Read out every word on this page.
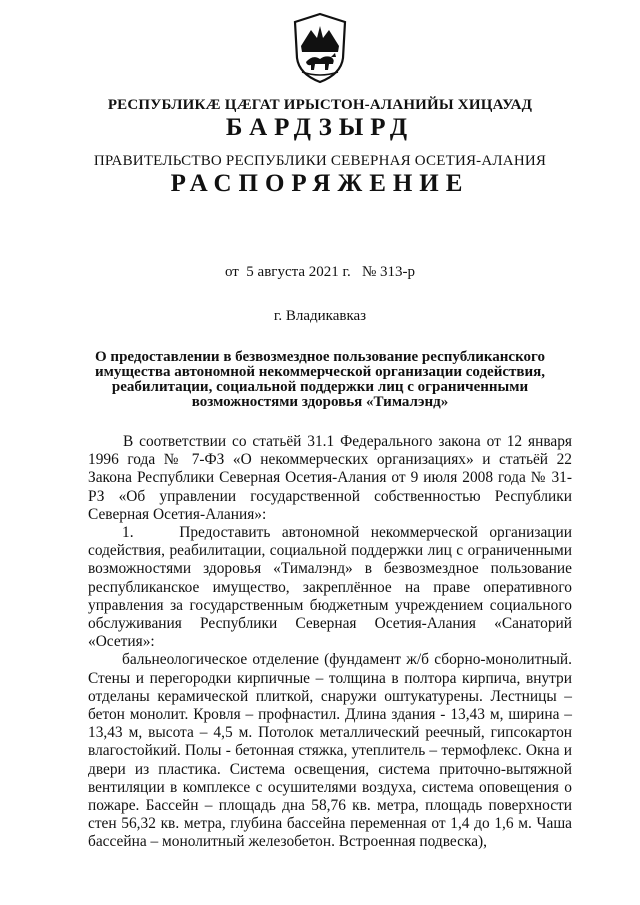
РЕСПУБЛИКӔ ЦӔГАТ ИРЫСТОН-АЛАНИЙЫ ХИЦАУАД
БАРДЗЫРД
ПРАВИТЕЛЬСТВО РЕСПУБЛИКИ СЕВЕРНАЯ ОСЕТИЯ-АЛАНИЯ
РАСПОРЯЖЕНИЕ
от  5 августа 2021 г. № 313-р
г. Владикавказ
О предоставлении в безвозмездное пользование республиканского имущества автономной некоммерческой организации содействия, реабилитации, социальной поддержки лиц с ограниченными возможностями здоровья «Тималэнд»

В соответствии со статьёй 31.1 Федерального закона от 12 января 1996 года № 7-ФЗ «О некоммерческих организациях» и статьёй 22 Закона Республики Северная Осетия-Алания от 9 июля 2008 года № 31-РЗ «Об управлении государственной собственностью Республики Северная Осетия-Алания»:

1.    Предоставить автономной некоммерческой организации содействия, реабилитации, социальной поддержки лиц с ограниченными возможностями здоровья «Тималэнд» в безвозмездное пользование республиканское имущество, закреплённое на праве оперативного управления за государственным бюджетным учреждением социального обслуживания Республики Северная Осетия-Алания «Санаторий «Осетия»:

бальнеологическое отделение (фундамент ж/б сборно-монолитный. Стены и перегородки кирпичные – толщина в полтора кирпича, внутри отделаны керамической плиткой, снаружи оштукатурены. Лестницы – бетон монолит. Кровля – профнастил. Длина здания - 13,43 м, ширина – 13,43 м, высота – 4,5 м. Потолок металлический реечный, гипсокартон влагостойкий. Полы - бетонная стяжка, утеплитель – термофлекс. Окна и двери из пластика. Система освещения, система приточно-вытяжной вентиляции в комплексе с осушителями воздуха, система оповещения о пожаре. Бассейн – площадь дна 58,76 кв. метра, площадь поверхности стен 56,32 кв. метра, глубина бассейна переменная от 1,4 до 1,6 м. Чаша бассейна – монолитный железобетон. Встроенная подвеска),
